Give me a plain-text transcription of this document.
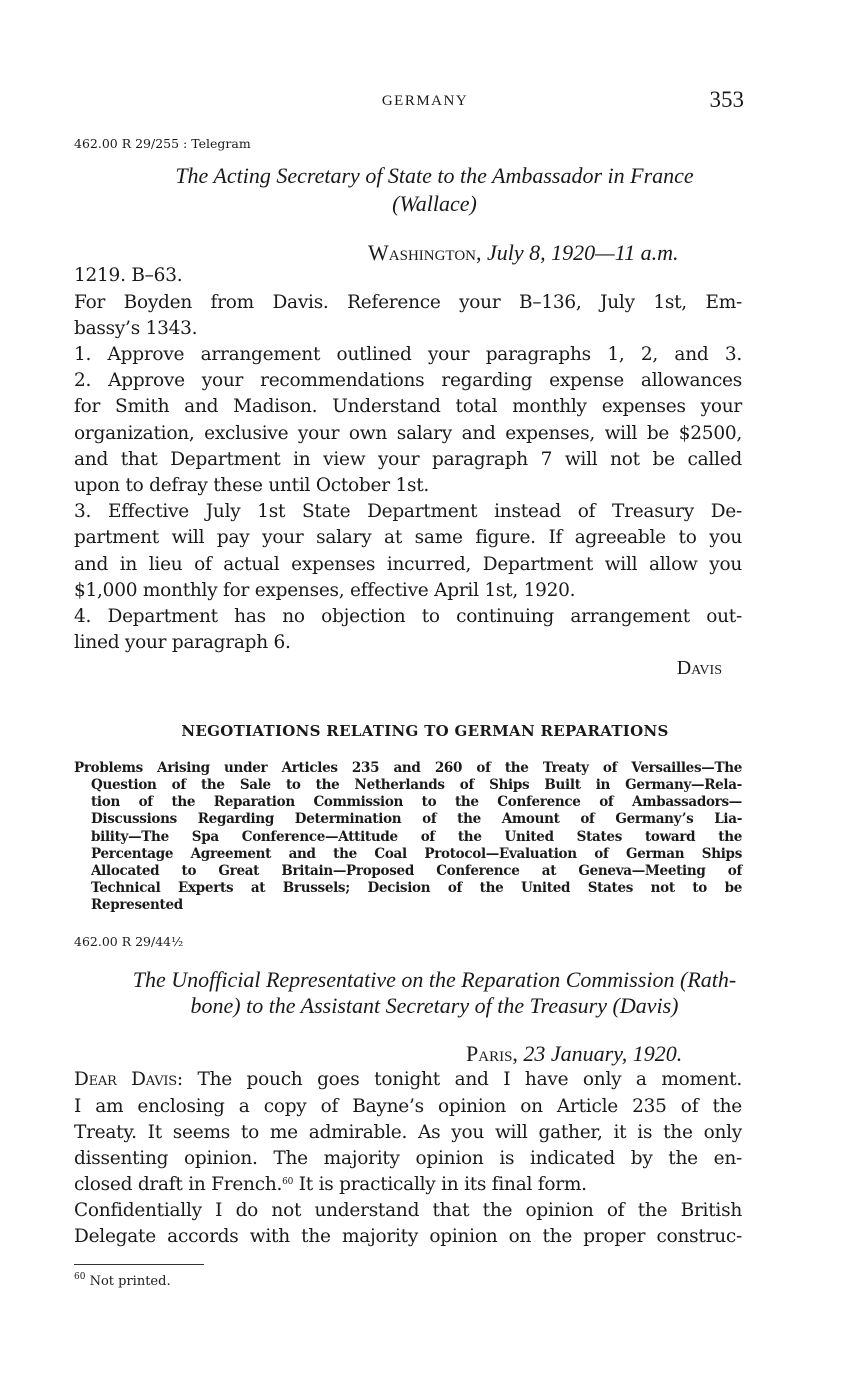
GERMANY	353
462.00 R 29/255 : Telegram
The Acting Secretary of State to the Ambassador in France
(Wallace)
Washington, July 8, 1920—11 a.m.
1219. B–63.
For Boyden from Davis. Reference your B–136, July 1st, Em-
bassy’s 1343.
1. Approve arrangement outlined your paragraphs 1, 2, and 3.
2. Approve your recommendations regarding expense allowances
for Smith and Madison. Understand total monthly expenses your
organization, exclusive your own salary and expenses, will be $2500,
and that Department in view your paragraph 7 will not be called
upon to defray these until October 1st.
3. Effective July 1st State Department instead of Treasury De-
partment will pay your salary at same figure. If agreeable to you
and in lieu of actual expenses incurred, Department will allow you
$1,000 monthly for expenses, effective April 1st, 1920.
4. Department has no objection to continuing arrangement out-
lined your paragraph 6.
Davis
NEGOTIATIONS RELATING TO GERMAN REPARATIONS
Problems Arising under Articles 235 and 260 of the Treaty of Versailles—The
Question of the Sale to the Netherlands of Ships Built in Germany—Rela-
tion of the Reparation Commission to the Conference of Ambassadors—
Discussions Regarding Determination of the Amount of Germany’s Lia-
bility—The Spa Conference—Attitude of the United States toward the
Percentage Agreement and the Coal Protocol—Evaluation of German Ships
Allocated to Great Britain—Proposed Conference at Geneva—Meeting of
Technical Experts at Brussels; Decision of the United States not to be
Represented
462.00 R 29/44½
The Unofficial Representative on the Reparation Commission (Rath-
bone) to the Assistant Secretary of the Treasury (Davis)
Paris, 23 January, 1920.
Dear Davis: The pouch goes tonight and I have only a moment.
I am enclosing a copy of Bayne’s opinion on Article 235 of the
Treaty. It seems to me admirable. As you will gather, it is the only
dissenting opinion. The majority opinion is indicated by the en-
closed draft in French.$^{60}$ It is practically in its final form.
Confidentially I do not understand that the opinion of the British
Delegate accords with the majority opinion on the proper construc-
$^{60}$ Not printed.
